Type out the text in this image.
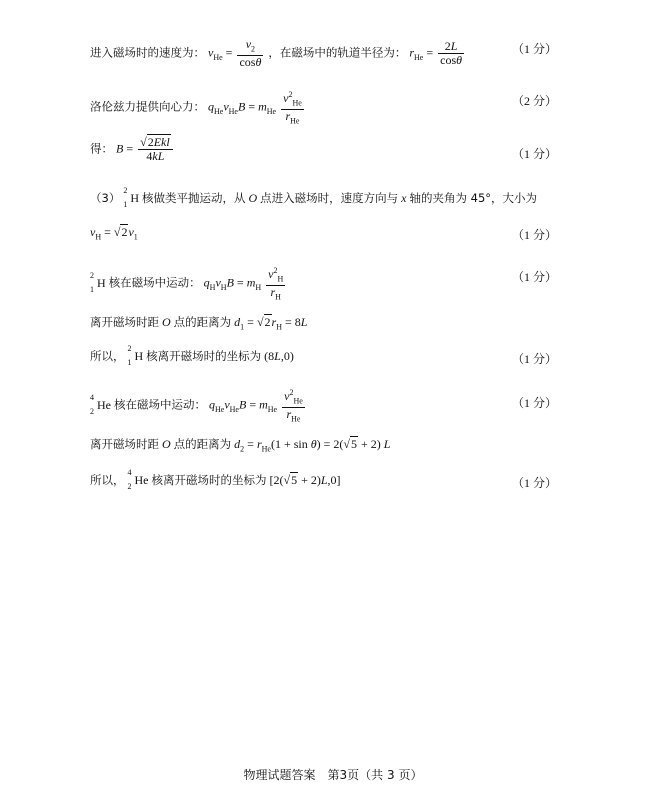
进入磁场时的速度为： $v_{He} = \frac{v_2}{\cos\theta}$ ，在磁场中的轨道半径为： $r_{He} = \frac{2L}{\cos\theta}$	（1 分）
洛伦兹力提供向心力： $q_{He}v_{He}B = m_{He} \frac{v^2_{He}}{r_{He}}$	（2 分）
得： $B = \frac{\text{√2Ekl}}{4kL}$	（1 分）
（3）
2
1 H 核做类平抛运动，从 O 点进入磁场时，速度方向与 x 轴的夹角为 45°，大小为
$v_H = √2v_1$	（1 分）
2
1 H 核在磁场中运动： $q_Hv_HB = m_H \frac{v^2_H}{r_H}$	（1 分）
离开磁场时距 O 点的距离为 $d_1 = √2r_H = 8L$
所以，
2
1 H 核离开磁场时的坐标为 (8L,0)	（1 分）
4
2 He 核在磁场中运动： $q_{He}v_{He}B = m_{He} \frac{v^2_{He}}{r_{He}}$	（1 分）
离开磁场时距 O 点的距离为 $d_2 = r_{He}(1 + \sin \theta) = 2(√5 + 2)$ L
所以，
4
2 He 核离开磁场时的坐标为 [2(√5 + 2)L,0]	（1 分）
物理试题答案　第3页（共 3 页）
